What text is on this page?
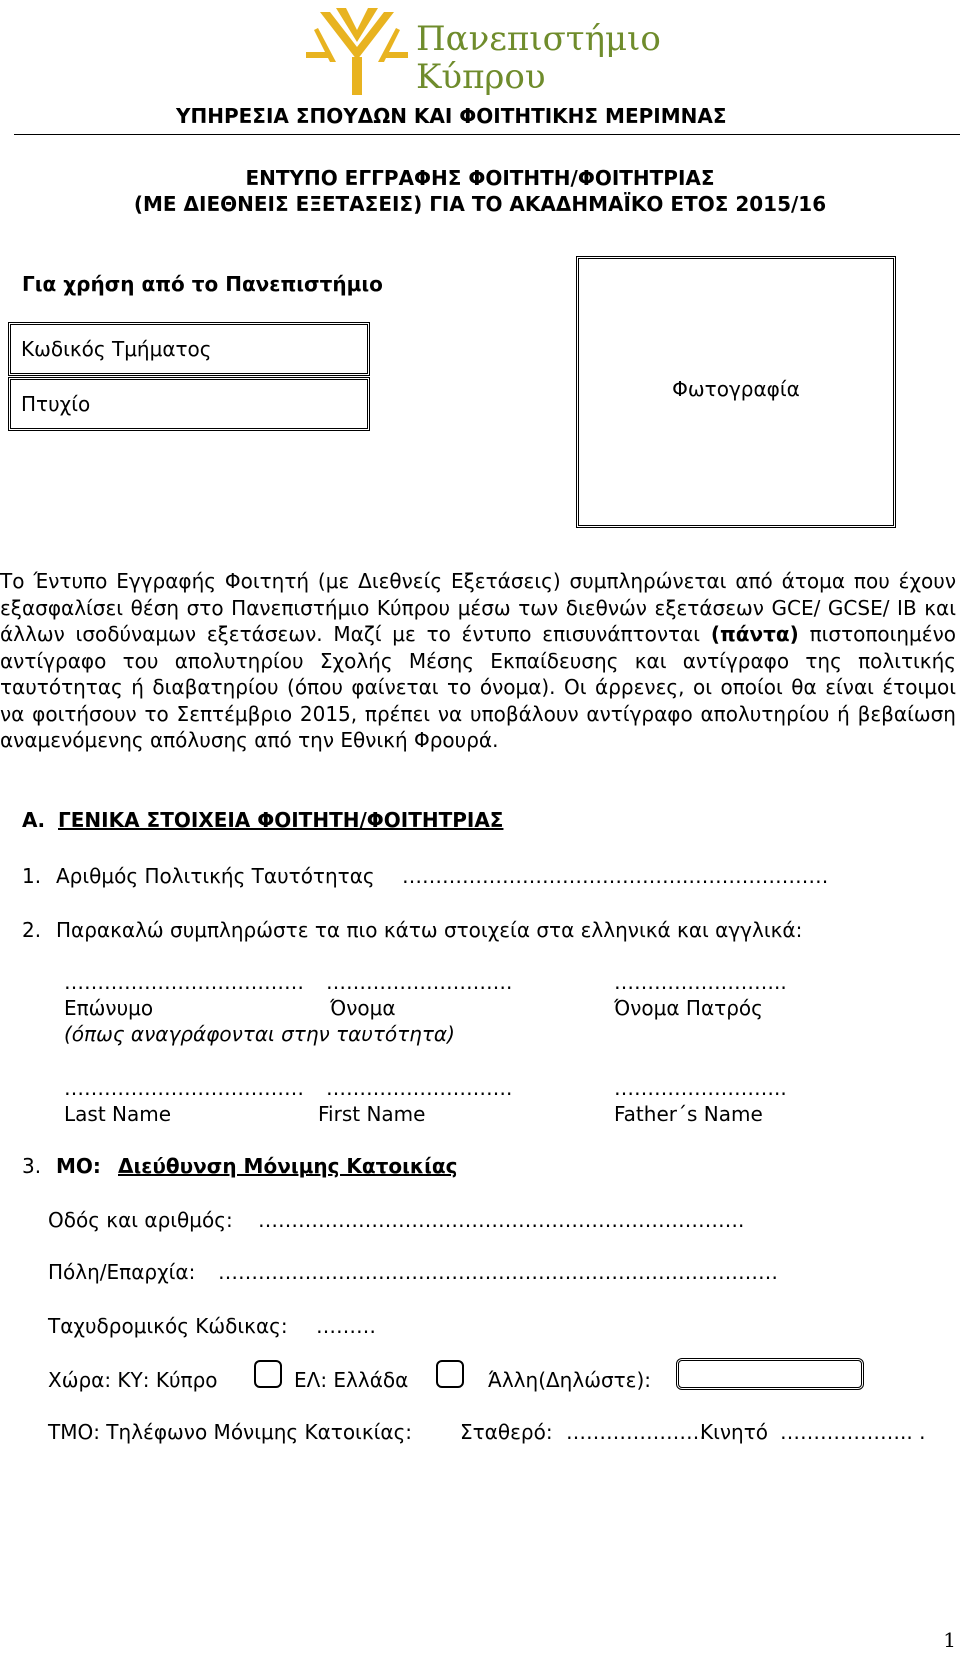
Πανεπιστήμιο
Κύπρου
ΥΠΗΡΕΣΙΑ ΣΠΟΥΔΩΝ ΚΑΙ ΦΟΙΤΗΤΙΚΗΣ ΜΕΡΙΜΝΑΣ
ΕΝΤΥΠΟ ΕΓΓΡΑΦΗΣ ΦΟΙΤΗΤΗ/ΦΟΙΤΗΤΡΙΑΣ
(ΜΕ ΔΙΕΘΝΕΙΣ ΕΞΕΤΑΣΕΙΣ) ΓΙΑ ΤΟ ΑΚΑΔΗΜΑΪΚΟ ΕΤΟΣ 2015/16
Για χρήση από το Πανεπιστήμιο
Κωδικός Τμήματος
Πτυχίο
Φωτογραφία
Το Έντυπο Εγγραφής Φοιτητή (με Διεθνείς Εξετάσεις) συμπληρώνεται από άτομα που έχουν εξασφαλίσει θέση στο Πανεπιστήμιο Κύπρου μέσω των διεθνών εξετάσεων GCE/ GCSE/ IB και άλλων ισοδύναμων εξετάσεων. Μαζί με το έντυπο επισυνάπτονται (πάντα) πιστοποιημένο αντίγραφο του απολυτηρίου Σχολής Μέσης Εκπαίδευσης και αντίγραφο της πολιτικής ταυτότητας ή διαβατηρίου (όπου φαίνεται το όνομα). Οι άρρενες, οι οποίοι θα είναι έτοιμοι να φοιτήσουν το Σεπτέμβριο 2015, πρέπει να υποβάλουν αντίγραφο απολυτηρίου ή βεβαίωση αναμενόμενης απόλυσης από την Εθνική Φρουρά.
Α. ΓΕΝΙΚΑ ΣΤΟΙΧΕΙΑ ΦΟΙΤΗΤΗ/ΦΟΙΤΗΤΡΙΑΣ
1. Αριθμός Πολιτικής Ταυτότητας …………………………………….…………………
2. Παρακαλώ συμπληρώστε τα πιο κάτω στοιχεία στα ελληνικά και αγγλικά:
……………………………… ……………………….	……………………..
Επώνυμο	Όνομα	Όνομα Πατρός
(όπως αναγράφονται στην ταυτότητα)
……………………………… ……………………….	……………………..
Last Name	First Name	Father΄s Name
3. ΜΟ: Διεύθυνση Μόνιμης Κατοικίας
Οδός και αριθμός: ……………………………………………………………….
Πόλη/Επαρχία: …………………………………………………………………………
Ταχυδρομικός Κώδικας: ………
Χώρα: ΚΥ: Κύπρο	ΕΛ: Ελλάδα	Άλλη(Δηλώστε):
ΤΜΟ: Τηλέφωνο Μόνιμης Κατοικίας: Σταθερό: …………………
Κινητό ……………….. .
1
